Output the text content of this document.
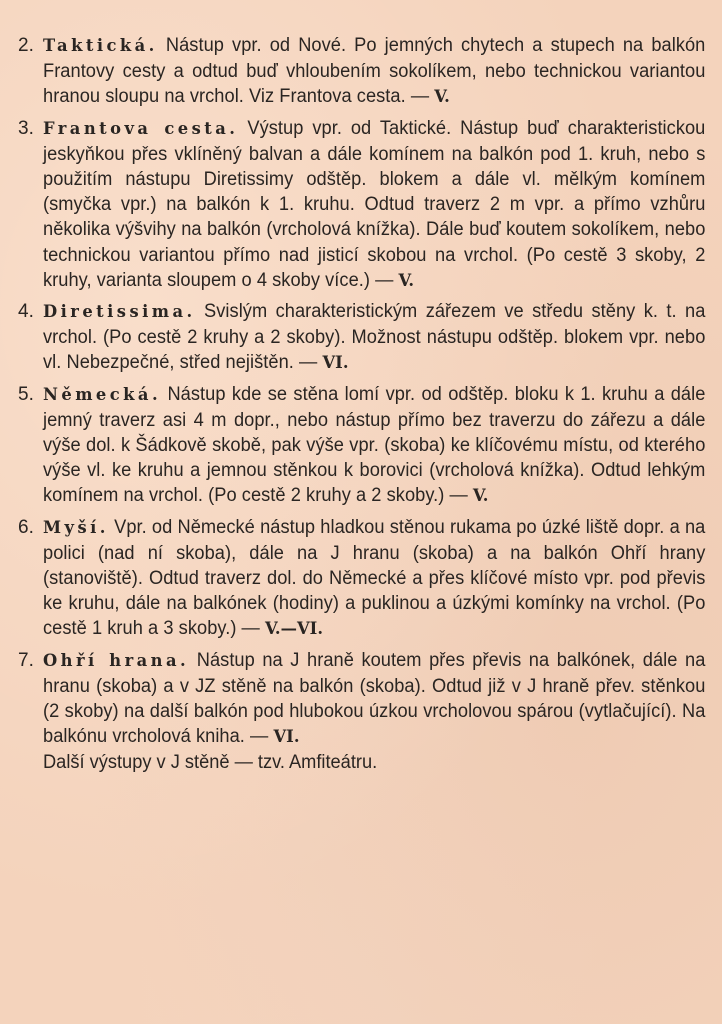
2. Taktická. Nástup vpr. od Nové. Po jemných chytech a stupech na balkón Frantovy cesty a odtud buď vhloubením sokolíkem, nebo technickou variantou hranou sloupu na vrchol. Viz Frantova cesta. — V.
3. Frantova cesta. Výstup vpr. od Taktické. Nástup buď charakteristickou jeskyňkou přes vklíněný balvan a dále komínem na balkón pod 1. kruh, nebo s použitím nástupu Diretissimy odštěp. blokem a dále vl. mělkým komínem (smyčka vpr.) na balkón k 1. kruhu. Odtud traverz 2 m vpr. a přímo vzhůru několika výšvihy na balkón (vrcholová knížka). Dále buď koutem sokolíkem, nebo technickou variantou přímo nad jisticí skobou na vrchol. (Po cestě 3 skoby, 2 kruhy, varianta sloupem o 4 skoby více.) — V.
4. Diretissima. Svislým charakteristickým zářezem ve středu stěny k. t. na vrchol. (Po cestě 2 kruhy a 2 skoby). Možnost nástupu odštěp. blokem vpr. nebo vl. Nebezpečné, střed nejištěn. — VI.
5. Německá. Nástup kde se stěna lomí vpr. od odštěp. bloku k 1. kruhu a dále jemný traverz asi 4 m dopr., nebo nástup přímo bez traverzu do zářezu a dále výše dol. k Šádkově skobě, pak výše vpr. (skoba) ke klíčovému místu, od kterého výše vl. ke kruhu a jemnou stěnkou k borovici (vrcholová knížka). Odtud lehkým komínem na vrchol. (Po cestě 2 kruhy a 2 skoby.) — V.
6. Myší. Vpr. od Německé nástup hladkou stěnou rukama po úzké liště dopr. a na polici (nad ní skoba), dále na J hranu (skoba) a na balkón Ohří hrany (stanoviště). Odtud traverz dol. do Německé a přes klíčové místo vpr. pod převis ke kruhu, dále na balkónek (hodiny) a puklinou a úzkými komínky na vrchol. (Po cestě 1 kruh a 3 skoby.) — V.—VI.
7. Ohří hrana. Nástup na J hraně koutem přes převis na balkónek, dále na hranu (skoba) a v JZ stěně na balkón (skoba). Odtud již v J hraně přev. stěnkou (2 skoby) na další balkón pod hlubokou úzkou vrcholovou spárou (vytlačující). Na balkónu vrcholová kniha. — VI.
Další výstupy v J stěně — tzv. Amfiteátru.
